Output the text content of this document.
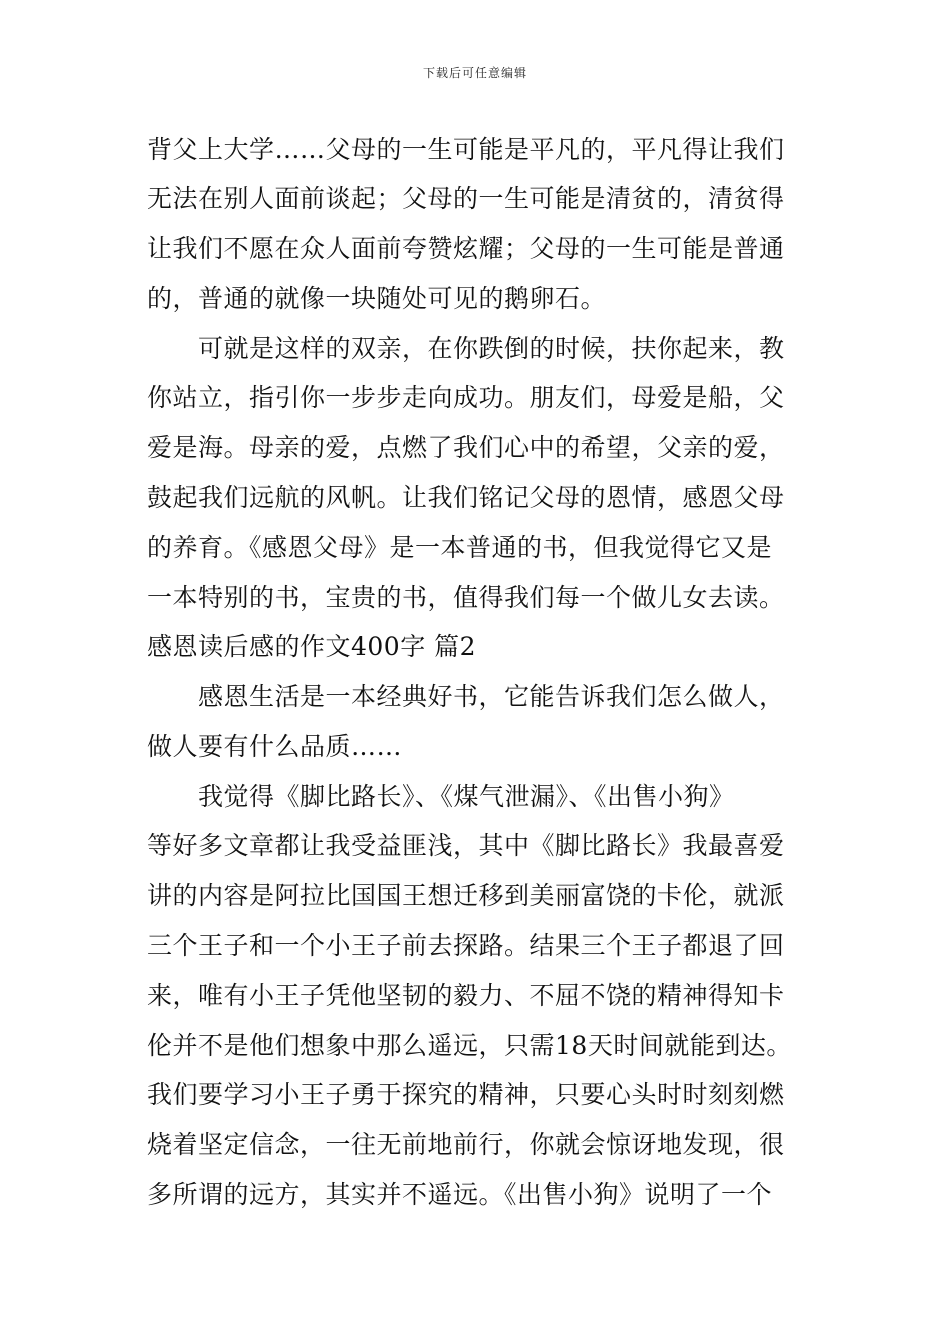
下载后可任意编辑
背父上大学……父母的一生可能是平凡的，平凡得让我们
无法在别人面前谈起；父母的一生可能是清贫的，清贫得
让我们不愿在众人面前夸赞炫耀；父母的一生可能是普通
的，普通的就像一块随处可见的鹅卵石。
可就是这样的双亲，在你跌倒的时候，扶你起来，教
你站立，指引你一步步走向成功。朋友们，母爱是船，父
爱是海。母亲的爱，点燃了我们心中的希望，父亲的爱，
鼓起我们远航的风帆。让我们铭记父母的恩情，感恩父母
的养育。《感恩父母》是一本普通的书，但我觉得它又是
一本特别的书，宝贵的书，值得我们每一个做儿女去读。
感恩读后感的作文400字 篇2
感恩生活是一本经典好书，它能告诉我们怎么做人，
做人要有什么品质……
我觉得《脚比路长》、《煤气泄漏》、《出售小狗》
等好多文章都让我受益匪浅，其中《脚比路长》我最喜爱
讲的内容是阿拉比国国王想迁移到美丽富饶的卡伦，就派
三个王子和一个小王子前去探路。结果三个王子都退了回
来，唯有小王子凭他坚韧的毅力、不屈不饶的精神得知卡
伦并不是他们想象中那么遥远，只需18天时间就能到达。
我们要学习小王子勇于探究的精神，只要心头时时刻刻燃
烧着坚定信念，一往无前地前行，你就会惊讶地发现，很
多所谓的远方，其实并不遥远。《出售小狗》说明了一个
